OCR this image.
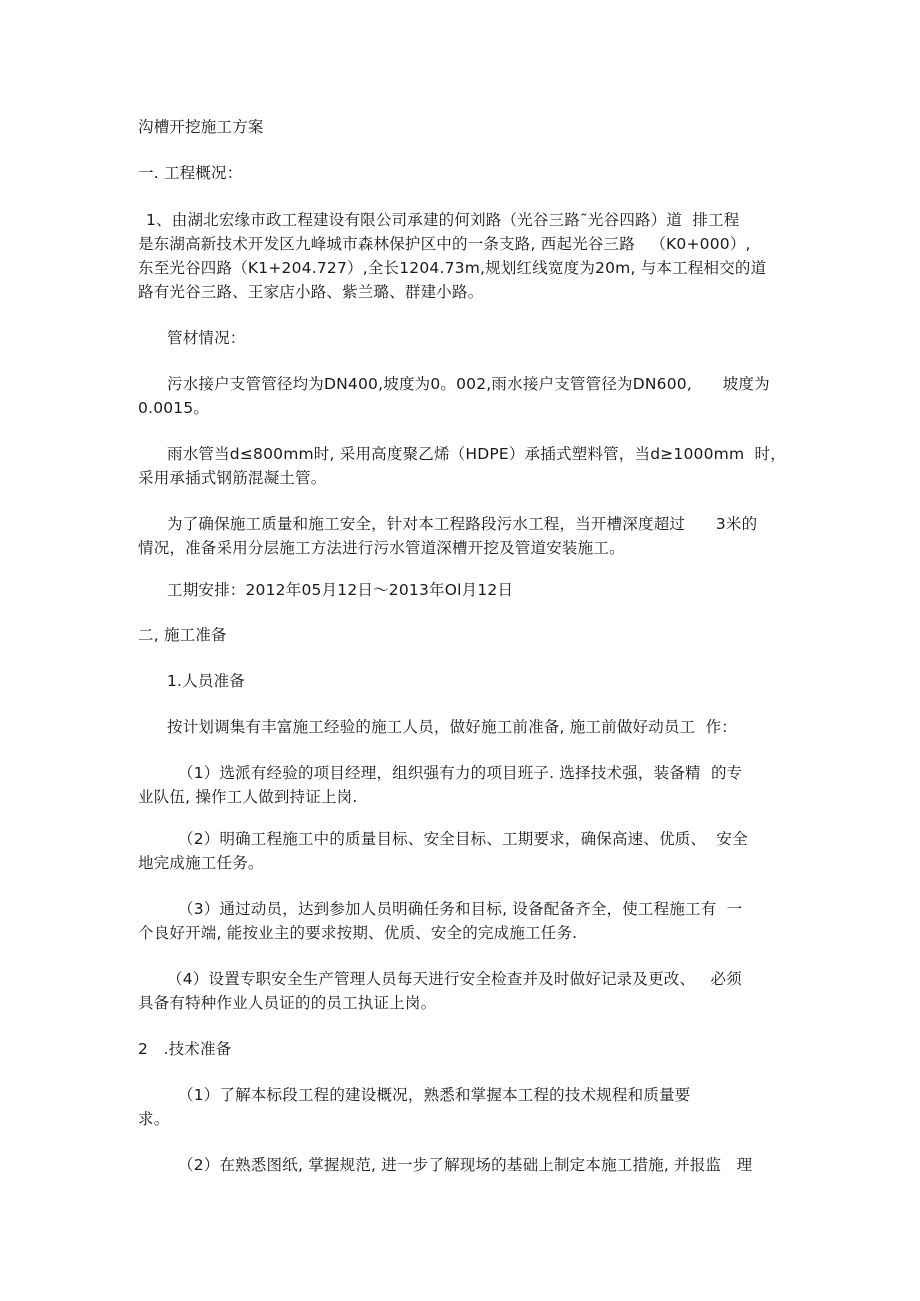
沟槽开挖施工方案
一. 工程概况：
1、由湖北宏缘市政工程建设有限公司承建的何刘路（光谷三路˜光谷四路）道  排工程
是东湖高新技术开发区九峰城市森林保护区中的一条支路, 西起光谷三路   （K0+000）,
东至光谷四路（K1+204.727）,全长1204.73m,规划红线宽度为20m, 与本工程相交的道
路有光谷三路、王家店小路、紫兰璐、群建小路。
管材情况：
污水接户支管管径均为DN400,坡度为0。002,雨水接户支管管径为DN600,      坡度为
0.0015。
雨水管当d≤800mm时, 采用高度聚乙烯（HDPE）承插式塑料管，当d≥1000mm  时，
采用承插式钢筋混凝土管。
为了确保施工质量和施工安全，针对本工程路段污水工程，当开槽深度超过      3米的
情况，准备采用分层施工方法进行污水管道深槽开挖及管道安装施工。
工期安排：2012年05月12日～2013年Ol月12日
二, 施工准备
1.人员准备
按计划调集有丰富施工经验的施工人员，做好施工前准备, 施工前做好动员工  作：
（1）选派有经验的项目经理，组织强有力的项目班子. 选择技术强，装备精  的专
业队伍, 操作工人做到持证上岗.
（2）明确工程施工中的质量目标、安全目标、工期要求，确保高速、优质、  安全
地完成施工任务。
（3）通过动员，达到参加人员明确任务和目标, 设备配备齐全，使工程施工有  一
个良好开端, 能按业主的要求按期、优质、安全的完成施工任务.
（4）设置专职安全生产管理人员每天进行安全检查并及时做好记录及更改、   必须
具备有特种作业人员证的的员工执证上岗。
2   .技术准备
（1）了解本标段工程的建设概况，熟悉和掌握本工程的技术规程和质量要
求。
（2）在熟悉图纸, 掌握规范, 进一步了解现场的基础上制定本施工措施, 并报监   理
